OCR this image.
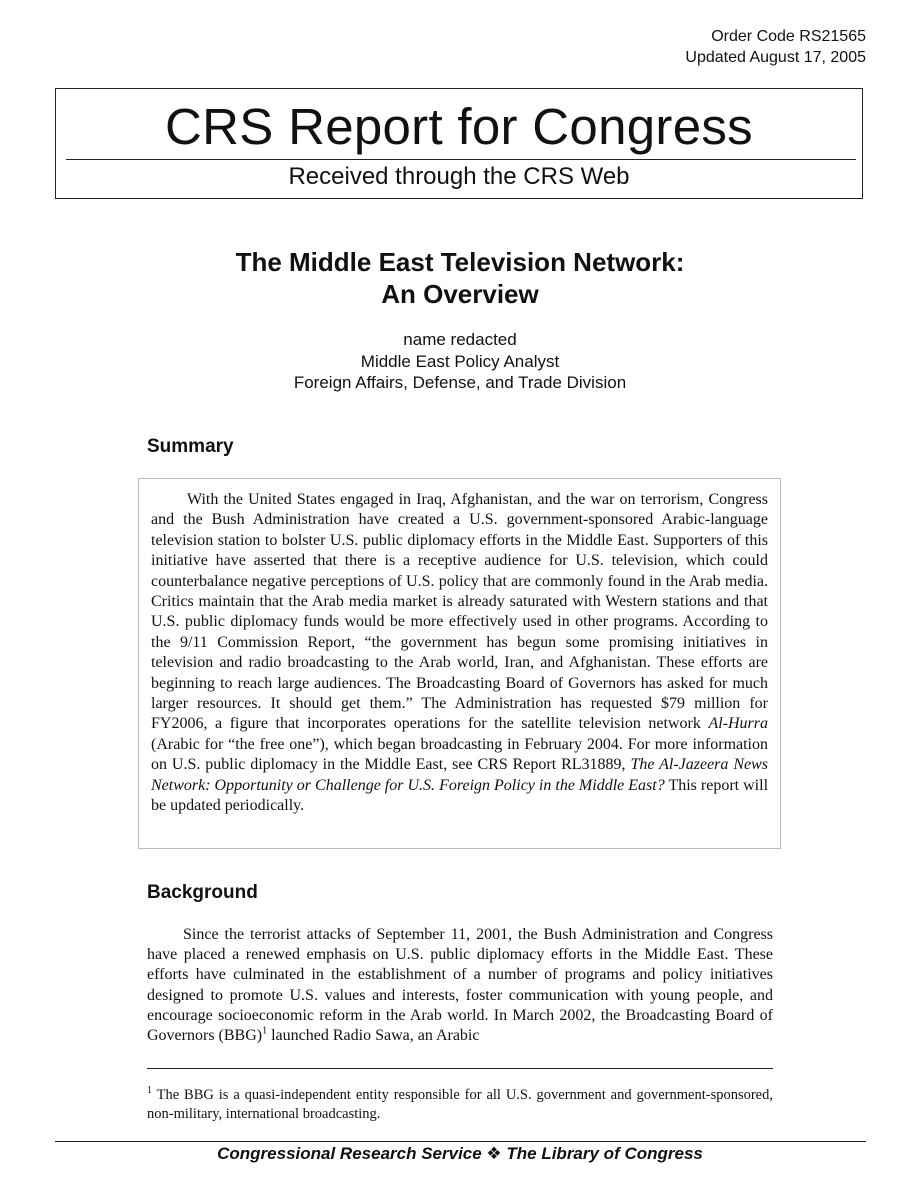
Order Code RS21565
Updated August 17, 2005
CRS Report for Congress
Received through the CRS Web
The Middle East Television Network:
An Overview
name redacted
Middle East Policy Analyst
Foreign Affairs, Defense, and Trade Division
Summary

With the United States engaged in Iraq, Afghanistan, and the war on terrorism, Congress and the Bush Administration have created a U.S. government-sponsored Arabic-language television station to bolster U.S. public diplomacy efforts in the Middle East. Supporters of this initiative have asserted that there is a receptive audience for U.S. television, which could counterbalance negative perceptions of U.S. policy that are commonly found in the Arab media. Critics maintain that the Arab media market is already saturated with Western stations and that U.S. public diplomacy funds would be more effectively used in other programs. According to the 9/11 Commission Report, “the government has begun some promising initiatives in television and radio broadcasting to the Arab world, Iran, and Afghanistan. These efforts are beginning to reach large audiences. The Broadcasting Board of Governors has asked for much larger resources. It should get them.” The Administration has requested $79 million for FY2006, a figure that incorporates operations for the satellite television network Al-Hurra (Arabic for “the free one”), which began broadcasting in February 2004. For more information on U.S. public diplomacy in the Middle East, see CRS Report RL31889, The Al-Jazeera News Network: Opportunity or Challenge for U.S. Foreign Policy in the Middle East? This report will be updated periodically.

Background

Since the terrorist attacks of September 11, 2001, the Bush Administration and Congress have placed a renewed emphasis on U.S. public diplomacy efforts in the Middle East. These efforts have culminated in the establishment of a number of programs and policy initiatives designed to promote U.S. values and interests, foster communication with young people, and encourage socioeconomic reform in the Arab world. In March 2002, the Broadcasting Board of Governors (BBG)$^1$ launched Radio Sawa, an Arabic

$^1$ The BBG is a quasi-independent entity responsible for all U.S. government and government-sponsored, non-military, international broadcasting.

Congressional Research Service ❖ The Library of Congress
